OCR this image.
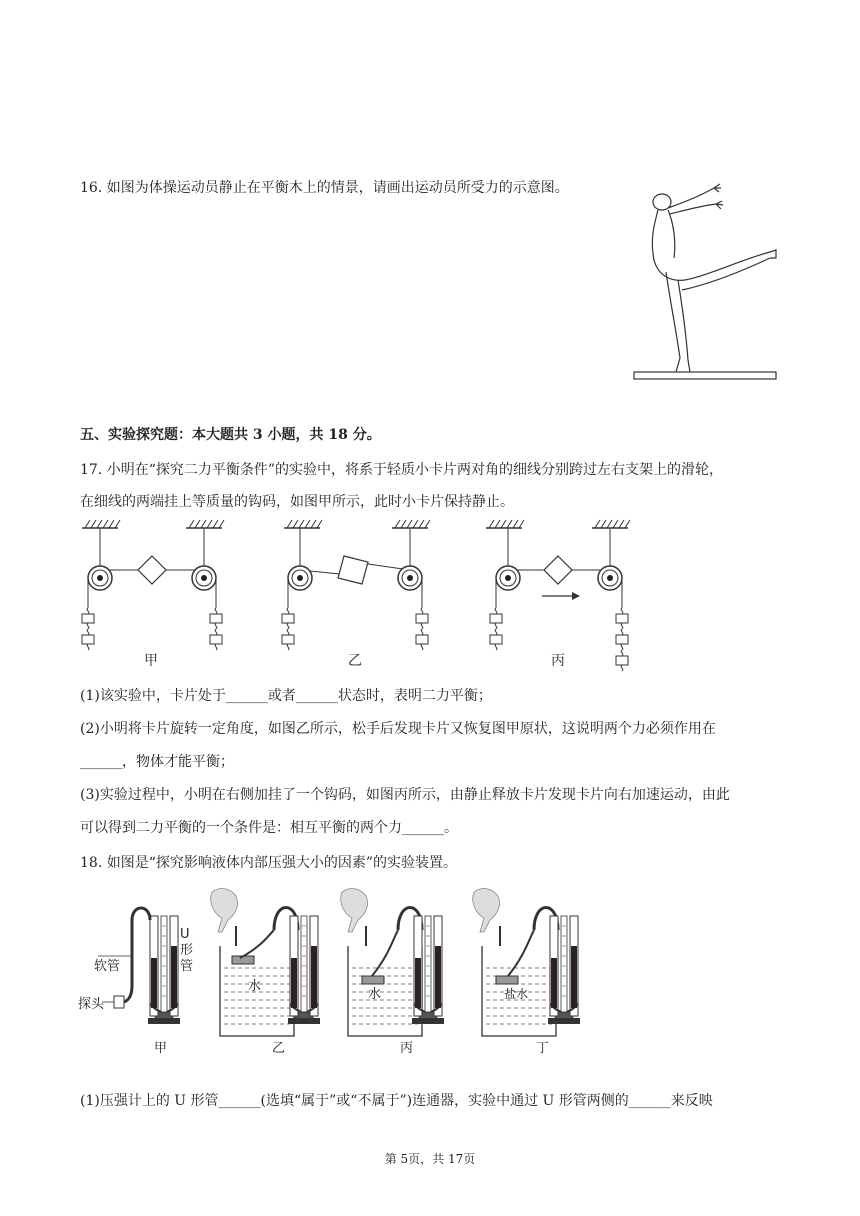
16. 如图为体操运动员静止在平衡木上的情景，请画出运动员所受力的示意图。
五、实验探究题：本大题共 3 小题，共 18 分。
17. 小明在“探究二力平衡条件”的实验中，将系于轻质小卡片两对角的细线分别跨过左右支架上的滑轮，
在细线的两端挂上等质量的钩码，如图甲所示，此时小卡片保持静止。
甲	乙	丙
(1)该实验中，卡片处于______或者______状态时，表明二力平衡；
(2)小明将卡片旋转一定角度，如图乙所示，松手后发现卡片又恢复图甲原状，这说明两个力必须作用在
______，物体才能平衡；
(3)实验过程中，小明在右侧加挂了一个钩码，如图丙所示，由静止释放卡片发现卡片向右加速运动，由此
可以得到二力平衡的一个条件是：相互平衡的两个力______。
18. 如图是“探究影响液体内部压强大小的因素”的实验装置。
软管
U
形
管
探头
水
水	盐水
甲	乙	丙	丁
(1)压强计上的 U 形管______(选填“属于”或“不属于”)连通器，实验中通过 U 形管两侧的______来反映
第 5页，共 17页
